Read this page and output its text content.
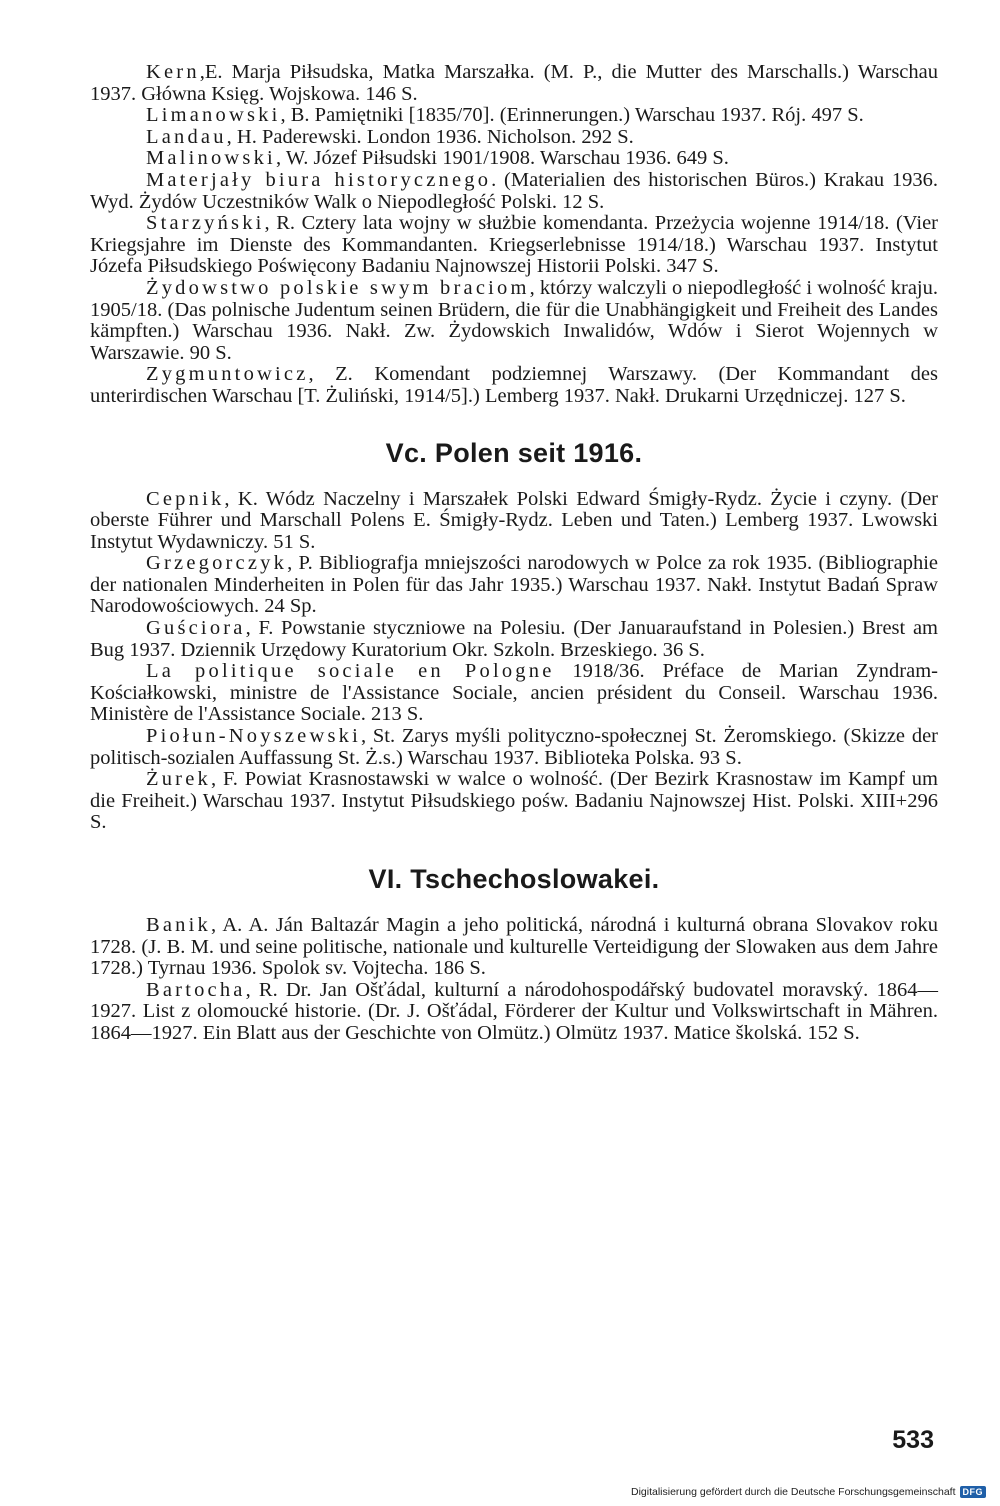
Kern,E. Marja Piłsudska, Matka Marszałka. (M. P., die Mutter des Marschalls.) Warschau 1937. Główna Księg. Wojskowa. 146 S.

Limanowski, B. Pamiętniki [1835/70]. (Erinnerungen.) Warschau 1937. Rój. 497 S.

Landau, H. Paderewski. London 1936. Nicholson. 292 S.

Malinowski, W. Józef Piłsudski 1901/1908. Warschau 1936. 649 S.

Materjały biura historycznego. (Materialien des historischen Büros.) Krakau 1936. Wyd. Żydów Uczestników Walk o Niepodległość Polski. 12 S.

Starzyński, R. Cztery lata wojny w służbie komendanta. Przeżycia wojenne 1914/18. (Vier Kriegsjahre im Dienste des Kommandanten. Kriegserlebnisse 1914/18.) Warschau 1937. Instytut Józefa Piłsudskiego Poświęcony Badaniu Najnowszej Historii Polski. 347 S.

Żydowstwo polskie swym braciom, którzy walczyli o niepodległość i wolność kraju. 1905/18. (Das polnische Judentum seinen Brüdern, die für die Unabhängigkeit und Freiheit des Landes kämpften.) Warschau 1936. Nakł. Zw. Żydowskich Inwalidów, Wdów i Sierot Wojennych w Warszawie. 90 S.

Zygmuntowicz, Z. Komendant podziemnej Warszawy. (Der Kommandant des unterirdischen Warschau [T. Żuliński, 1914/5].) Lemberg 1937. Nakł. Drukarni Urzędniczej. 127 S.

Vc. Polen seit 1916.

Cepnik, K. Wódz Naczelny i Marszałek Polski Edward Śmigły-Rydz. Życie i czyny. (Der oberste Führer und Marschall Polens E. Śmigły-Rydz. Leben und Taten.) Lemberg 1937. Lwowski Instytut Wydawniczy. 51 S.

Grzegorczyk, P. Bibliografja mniejszości narodowych w Polce za rok 1935. (Bibliographie der nationalen Minderheiten in Polen für das Jahr 1935.) Warschau 1937. Nakł. Instytut Badań Spraw Narodowościowych. 24 Sp.

Guściora, F. Powstanie styczniowe na Polesiu. (Der Januaraufstand in Polesien.) Brest am Bug 1937. Dziennik Urzędowy Kuratorium Okr. Szkoln. Brzeskiego. 36 S.

La politique sociale en Pologne 1918/36. Préface de Marian Zyndram-Kościałkowski, ministre de l'Assistance Sociale, ancien président du Conseil. Warschau 1936. Ministère de l'Assistance Sociale. 213 S.

Piołun-Noyszewski, St. Zarys myśli polityczno-społecznej St. Żeromskiego. (Skizze der politisch-sozialen Auffassung St. Ż.s.) Warschau 1937. Biblioteka Polska. 93 S.

Żurek, F. Powiat Krasnostawski w walce o wolność. (Der Bezirk Krasnostaw im Kampf um die Freiheit.) Warschau 1937. Instytut Piłsudskiego pośw. Badaniu Najnowszej Hist. Polski. XIII+296 S.

VI. Tschechoslowakei.

Banik, A. A. Ján Baltazár Magin a jeho politická, národná i kulturná obrana Slovakov roku 1728. (J. B. M. und seine politische, nationale und kulturelle Verteidigung der Slowaken aus dem Jahre 1728.) Tyrnau 1936. Spolok sv. Vojtecha. 186 S.

Bartocha, R. Dr. Jan Ošťádal, kulturní a národohospodářský budovatel moravský. 1864—1927. List z olomoucké historie. (Dr. J. Ošťádal, Förderer der Kultur und Volkswirtschaft in Mähren. 1864—1927. Ein Blatt aus der Geschichte von Olmütz.) Olmütz 1937. Matice školská. 152 S.

533
Digitalisierung gefördert durch die Deutsche Forschungsgemeinschaft DFG
